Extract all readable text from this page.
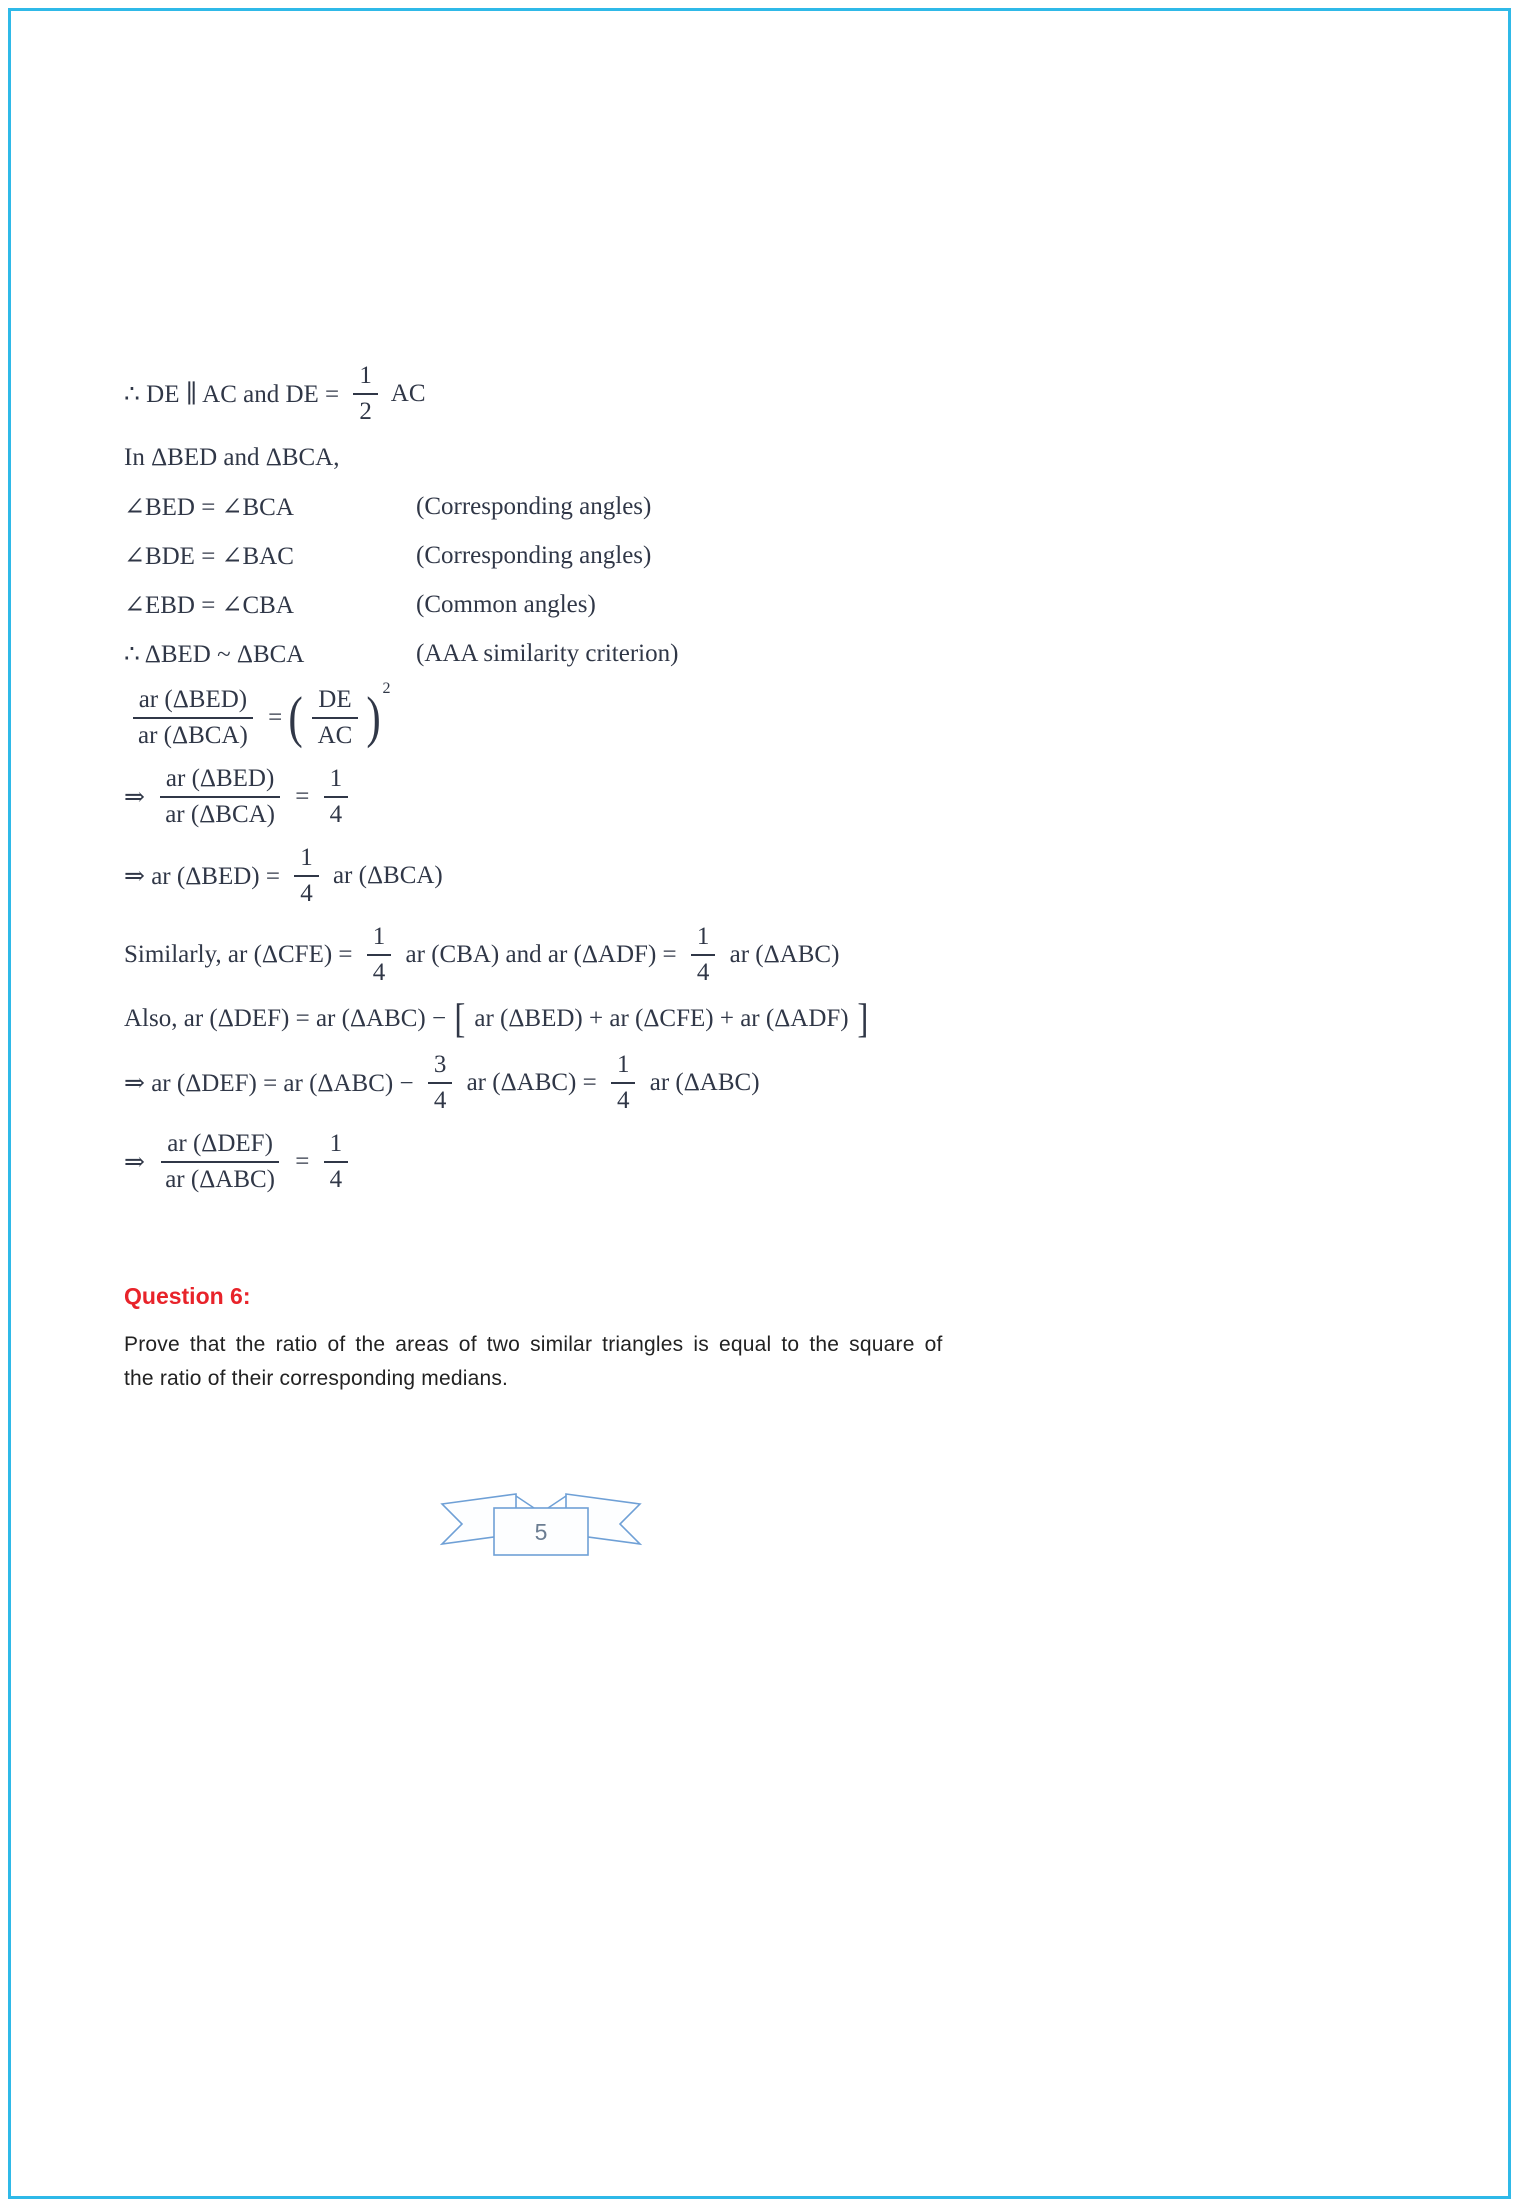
∴ DE ∥ AC and DE = $\frac{1}{2}$ AC
In ΔBED and ΔBCA,
∠BED = ∠BCA	(Corresponding angles)
∠BDE = ∠BAC	(Corresponding angles)
∠EBD = ∠CBA	(Common angles)
∴ ΔBED ~ ΔBCA	(AAA similarity criterion)
$\frac{\text{ar (ΔBED)}}{\text{ar (ΔBCA)}}$ = ( $\frac{DE}{AC}$ ) 2
⇒ $\frac{\text{ar (ΔBED)}}{\text{ar (ΔBCA)}} = \frac{1}{4}$
⇒ ar $(\Delta BED) = \frac{1}{4}$ ar (ΔBCA)
Similarly, ar $(\Delta CFE) = \frac{1}{4}$ ar (CBA) and ar $(\Delta ADF) = \frac{1}{4}$ ar (ΔABC)
Also, ar (ΔDEF) = ar (ΔABC) − [ ar (ΔBED) + ar (ΔCFE) + ar (ΔADF) ]
⇒ ar (ΔDEF) = ar $(\Delta ABC) - \frac{3}{4}$ ar $(\Delta ABC) = \frac{1}{4}$ ar (ΔABC)
⇒ $\frac{\text{ar (ΔDEF)}}{\text{ar (ΔABC)}} = \frac{1}{4}$
Question 6:
Prove that the ratio of the areas of two similar triangles is equal to the square of
the ratio of their corresponding medians.
5
